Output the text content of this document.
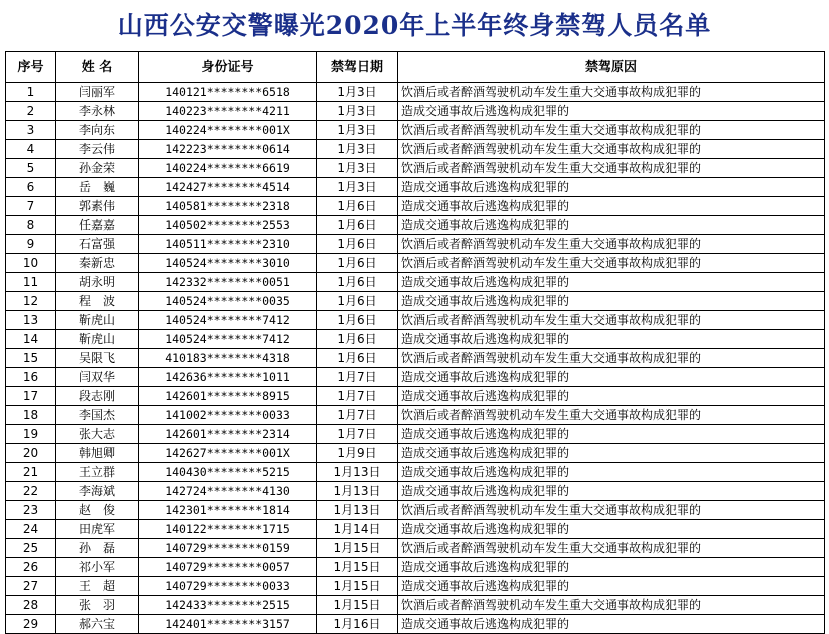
山西公安交警曝光2020年上半年终身禁驾人员名单
序号	姓 名	身份证号	禁驾日期	禁驾原因
1	闫丽军	140121********6518	1月3日	饮酒后或者醉酒驾驶机动车发生重大交通事故构成犯罪的
2	李永林	140223********4211	1月3日	造成交通事故后逃逸构成犯罪的
3	李向东	140224********001X	1月3日	饮酒后或者醉酒驾驶机动车发生重大交通事故构成犯罪的
4	李云伟	142223********0614	1月3日	饮酒后或者醉酒驾驶机动车发生重大交通事故构成犯罪的
5	孙金荣	140224********6619	1月3日	饮酒后或者醉酒驾驶机动车发生重大交通事故构成犯罪的
6	岳　巍	142427********4514	1月3日	造成交通事故后逃逸构成犯罪的
7	郭素伟	140581********2318	1月6日	造成交通事故后逃逸构成犯罪的
8	任嘉嘉	140502********2553	1月6日	造成交通事故后逃逸构成犯罪的
9	石富强	140511********2310	1月6日	饮酒后或者醉酒驾驶机动车发生重大交通事故构成犯罪的
10	秦新忠	140524********3010	1月6日	饮酒后或者醉酒驾驶机动车发生重大交通事故构成犯罪的
11	胡永明	142332********0051	1月6日	造成交通事故后逃逸构成犯罪的
12	程　波	140524********0035	1月6日	造成交通事故后逃逸构成犯罪的
13	靳虎山	140524********7412	1月6日	饮酒后或者醉酒驾驶机动车发生重大交通事故构成犯罪的
14	靳虎山	140524********7412	1月6日	造成交通事故后逃逸构成犯罪的
15	吴限飞	410183********4318	1月6日	饮酒后或者醉酒驾驶机动车发生重大交通事故构成犯罪的
16	闫双华	142636********1011	1月7日	造成交通事故后逃逸构成犯罪的
17	段志刚	142601********8915	1月7日	造成交通事故后逃逸构成犯罪的
18	李国杰	141002********0033	1月7日	饮酒后或者醉酒驾驶机动车发生重大交通事故构成犯罪的
19	张大志	142601********2314	1月7日	造成交通事故后逃逸构成犯罪的
20	韩旭卿	142627********001X	1月9日	造成交通事故后逃逸构成犯罪的
21	王立群	140430********5215	1月13日	造成交通事故后逃逸构成犯罪的
22	李海斌	142724********4130	1月13日	造成交通事故后逃逸构成犯罪的
23	赵　俊	142301********1814	1月13日	饮酒后或者醉酒驾驶机动车发生重大交通事故构成犯罪的
24	田虎军	140122********1715	1月14日	造成交通事故后逃逸构成犯罪的
25	孙　磊	140729********0159	1月15日	饮酒后或者醉酒驾驶机动车发生重大交通事故构成犯罪的
26	祁小军	140729********0057	1月15日	造成交通事故后逃逸构成犯罪的
27	王　超	140729********0033	1月15日	造成交通事故后逃逸构成犯罪的
28	张　羽	142433********2515	1月15日	饮酒后或者醉酒驾驶机动车发生重大交通事故构成犯罪的
29	郝六宝	142401********3157	1月16日	造成交通事故后逃逸构成犯罪的
